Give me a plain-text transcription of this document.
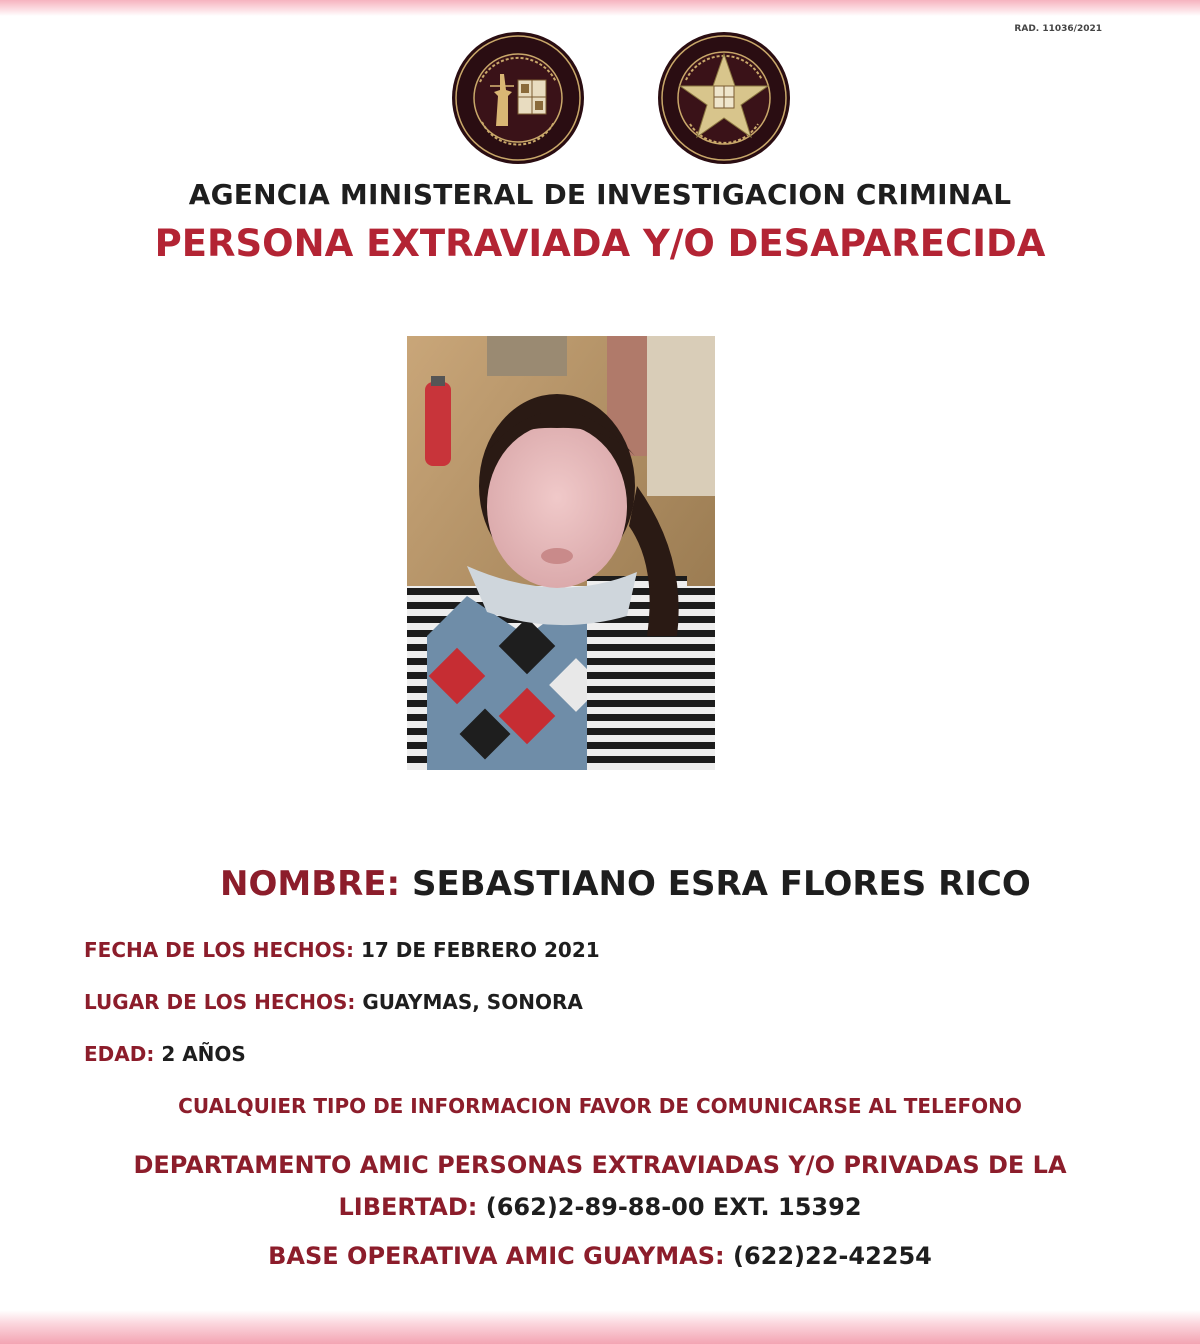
RAD. 11036/2021
AGENCIA MINISTERAL DE INVESTIGACION CRIMINAL
PERSONA EXTRAVIADA Y/O DESAPARECIDA
NOMBRE: SEBASTIANO ESRA FLORES RICO
FECHA DE LOS HECHOS: 17 DE FEBRERO 2021
LUGAR DE LOS HECHOS: GUAYMAS, SONORA
EDAD: 2 AÑOS
CUALQUIER TIPO DE INFORMACION FAVOR DE COMUNICARSE AL TELEFONO
DEPARTAMENTO AMIC PERSONAS EXTRAVIADAS Y/O PRIVADAS DE LA LIBERTAD: (662)2-89-88-00 EXT. 15392
BASE OPERATIVA AMIC GUAYMAS: (622)22-42254
